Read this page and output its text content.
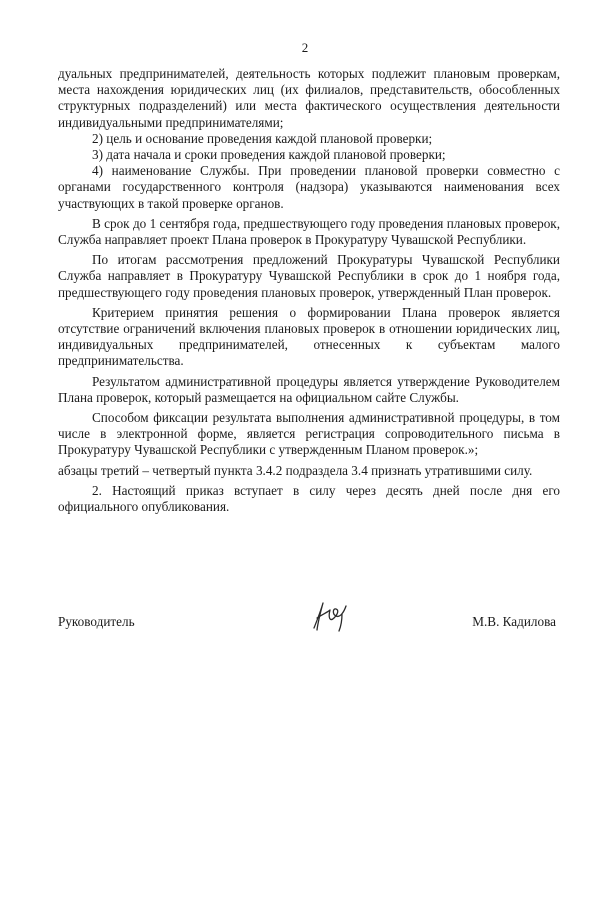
2

дуальных предпринимателей, деятельность которых подлежит плановым проверкам, места нахождения юридических лиц (их филиалов, представительств, обособленных структурных подразделений) или места фактического осуществления деятельности индивидуальными предпринимателями;

2) цель и основание проведения каждой плановой проверки;

3) дата начала и сроки проведения каждой плановой проверки;

4) наименование Службы. При проведении плановой проверки совместно с органами государственного контроля (надзора) указываются наименования всех участвующих в такой проверке органов.

В срок до 1 сентября года, предшествующего году проведения плановых проверок, Служба направляет проект Плана проверок в Прокуратуру Чувашской Республики.

По итогам рассмотрения предложений Прокуратуры Чувашской Республики Служба направляет в Прокуратуру Чувашской Республики в срок до 1 ноября года, предшествующего году проведения плановых проверок, утвержденный План проверок.

Критерием принятия решения о формировании Плана проверок является отсутствие ограничений включения плановых проверок в отношении юридических лиц, индивидуальных предпринимателей, отнесенных к субъектам малого предпринимательства.

Результатом административной процедуры является утверждение Руководителем Плана проверок, который размещается на официальном сайте Службы.

Способом фиксации результата выполнения административной процедуры, в том числе в электронной форме, является регистрация сопроводительного письма в Прокуратуру Чувашской Республики с утвержденным Планом проверок.»;

абзацы третий – четвертый пункта 3.4.2 подраздела 3.4 признать утратившими силу.

2. Настоящий приказ вступает в силу через десять дней после дня его официального опубликования.

Руководитель	М.В. Кадилова
